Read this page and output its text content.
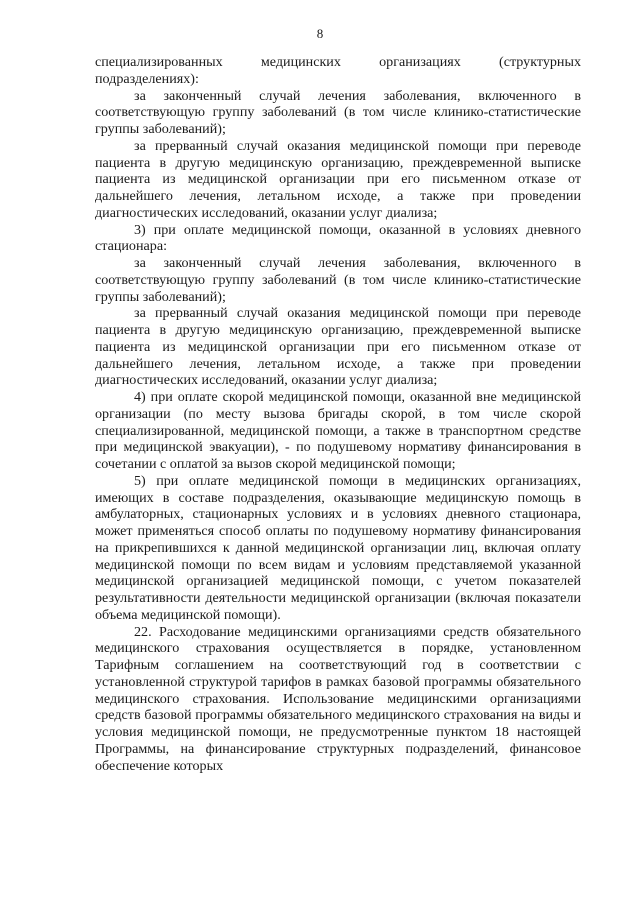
8

специализированных медицинских организациях (структурных подразделениях):

за законченный случай лечения заболевания, включенного в соответствующую группу заболеваний (в том числе клинико-статистические группы заболеваний);

за прерванный случай оказания медицинской помощи при переводе пациента в другую медицинскую организацию, преждевременной выписке пациента из медицинской организации при его письменном отказе от дальнейшего лечения, летальном исходе, а также при проведении диагностических исследований, оказании услуг диализа;

3) при оплате медицинской помощи, оказанной в условиях дневного стационара:

за законченный случай лечения заболевания, включенного в соответствующую группу заболеваний (в том числе клинико-статистические группы заболеваний);

за прерванный случай оказания медицинской помощи при переводе пациента в другую медицинскую организацию, преждевременной выписке пациента из медицинской организации при его письменном отказе от дальнейшего лечения, летальном исходе, а также при проведении диагностических исследований, оказании услуг диализа;

4) при оплате скорой медицинской помощи, оказанной вне медицинской организации (по месту вызова бригады скорой, в том числе скорой специализированной, медицинской помощи, а также в транспортном средстве при медицинской эвакуации), - по подушевому нормативу финансирования в сочетании с оплатой за вызов скорой медицинской помощи;

5) при оплате медицинской помощи в медицинских организациях, имеющих в составе подразделения, оказывающие медицинскую помощь в амбулаторных, стационарных условиях и в условиях дневного стационара, может применяться способ оплаты по подушевому нормативу финансирования на прикрепившихся к данной медицинской организации лиц, включая оплату медицинской помощи по всем видам и условиям представляемой указанной медицинской организацией медицинской помощи, с учетом показателей результативности деятельности медицинской организации (включая показатели объема медицинской помощи).

22. Расходование медицинскими организациями средств обязательного медицинского страхования осуществляется в порядке, установленном Тарифным соглашением на соответствующий год в соответствии с установленной структурой тарифов в рамках базовой программы обязательного медицинского страхования. Использование медицинскими организациями средств базовой программы обязательного медицинского страхования на виды и условия медицинской помощи, не предусмотренные пунктом 18 настоящей Программы, на финансирование структурных подразделений, финансовое обеспечение которых
